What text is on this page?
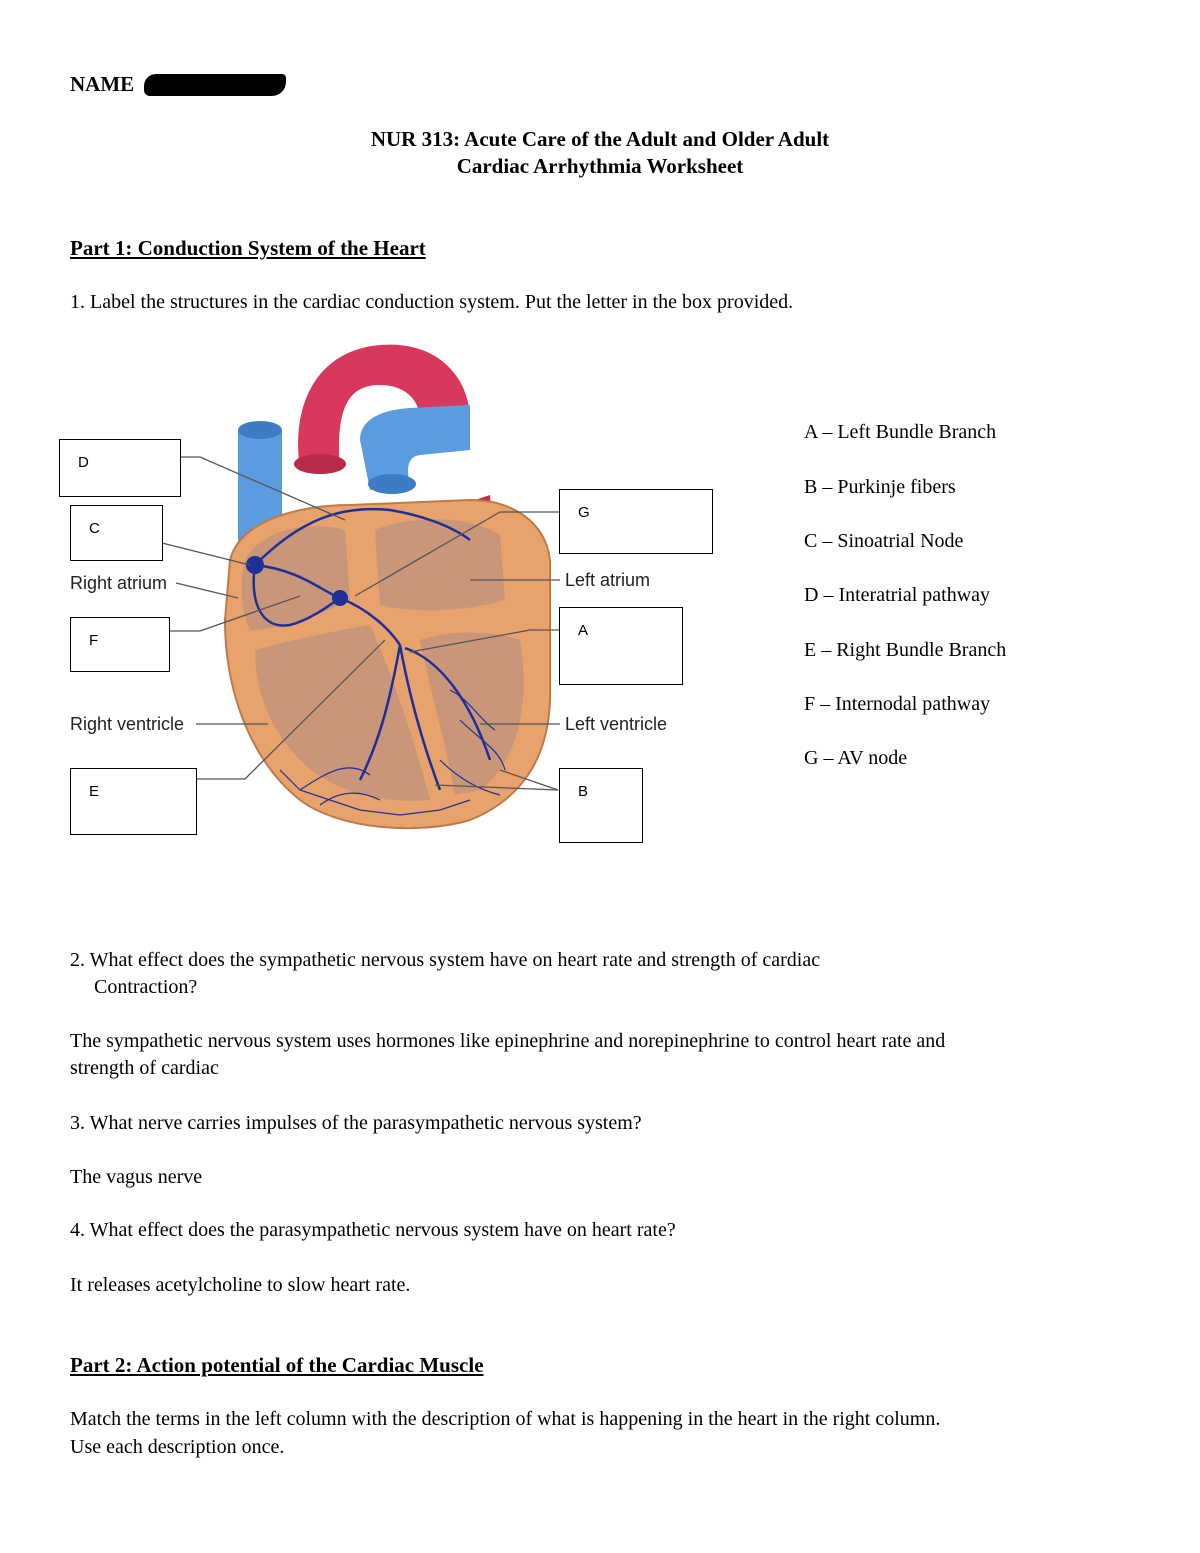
NAME
NUR 313: Acute Care of the Adult and Older Adult
Cardiac Arrhythmia Worksheet
Part 1: Conduction System of the Heart
1. Label the structures in the cardiac conduction system. Put the letter in the box provided.
D
C
F
E
G
A
B
Right atrium
Right ventricle
Left atrium
Left ventricle
A – Left Bundle Branch
B – Purkinje fibers
C – Sinoatrial Node
D – Interatrial pathway
E – Right Bundle Branch
F – Internodal pathway
G – AV node
2. What effect does the sympathetic nervous system have on heart rate and strength of cardiac
Contraction?
The sympathetic nervous system uses hormones like epinephrine and norepinephrine to control heart rate and
strength of cardiac
3. What nerve carries impulses of the parasympathetic nervous system?
The vagus nerve
4. What effect does the parasympathetic nervous system have on heart rate?
It releases acetylcholine to slow heart rate.
Part 2: Action potential of the Cardiac Muscle
Match the terms in the left column with the description of what is happening in the heart in the right column.
Use each description once.
